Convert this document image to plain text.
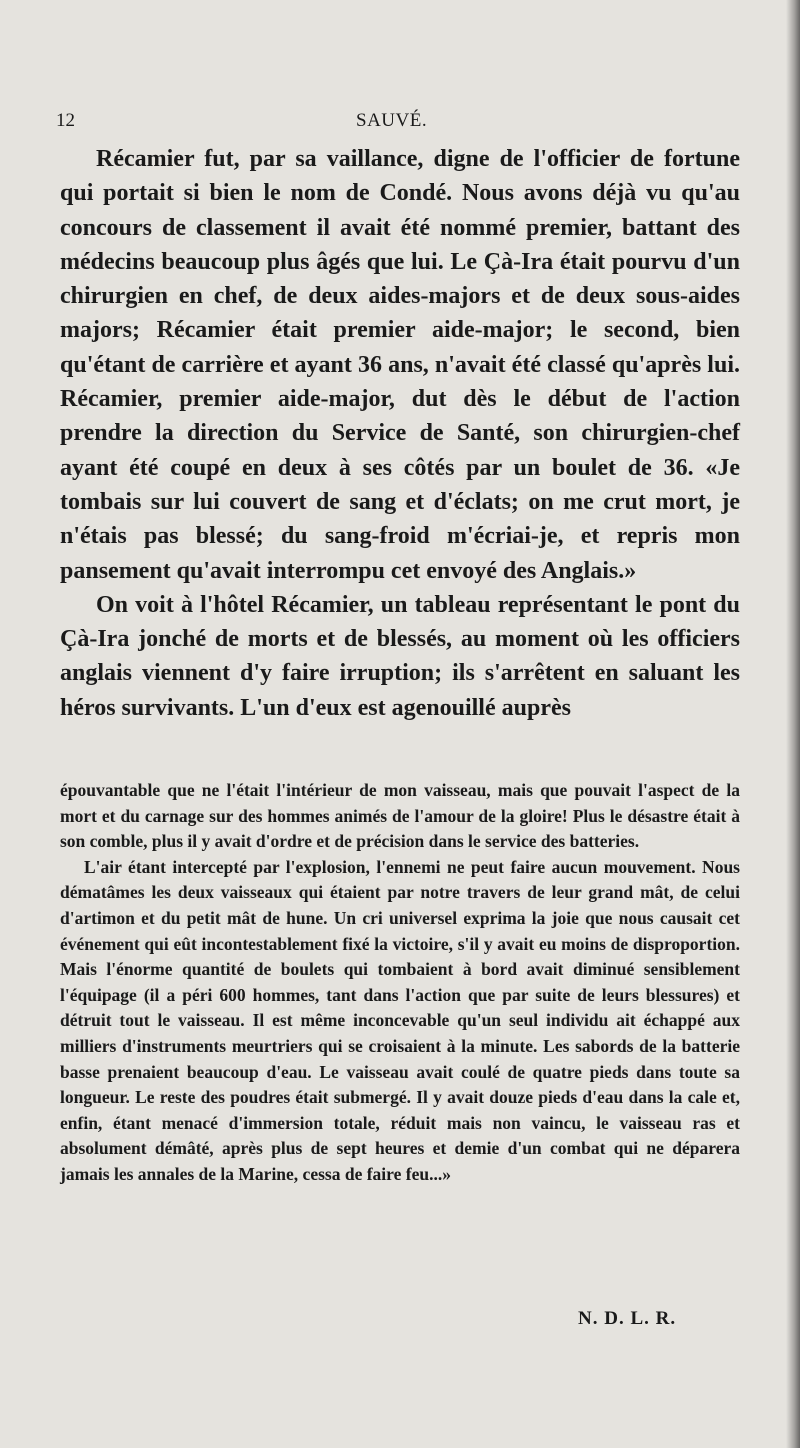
12	SAUVÉ.

Récamier fut, par sa vaillance, digne de l'officier de fortune qui portait si bien le nom de Condé. Nous avons déjà vu qu'au concours de classement il avait été nommé premier, battant des médecins beaucoup plus âgés que lui. Le Çà-Ira était pourvu d'un chirurgien en chef, de deux aides-majors et de deux sous-aides majors; Récamier était premier aide-major; le second, bien qu'étant de carrière et ayant 36 ans, n'avait été classé qu'après lui. Récamier, premier aide-major, dut dès le début de l'action prendre la direction du Service de Santé, son chirurgien-chef ayant été coupé en deux à ses côtés par un boulet de 36. «Je tombais sur lui couvert de sang et d'éclats; on me crut mort, je n'étais pas blessé; du sang-froid m'écriai-je, et repris mon pansement qu'avait interrompu cet envoyé des Anglais.»

On voit à l'hôtel Récamier, un tableau représentant le pont du Çà-Ira jonché de morts et de blessés, au moment où les officiers anglais viennent d'y faire irruption; ils s'arrêtent en saluant les héros survivants. L'un d'eux est agenouillé auprès

épouvantable que ne l'était l'intérieur de mon vaisseau, mais que pouvait l'aspect de la mort et du carnage sur des hommes animés de l'amour de la gloire! Plus le désastre était à son comble, plus il y avait d'ordre et de précision dans le service des batteries.

L'air étant intercepté par l'explosion, l'ennemi ne peut faire aucun mouvement. Nous dématâmes les deux vaisseaux qui étaient par notre travers de leur grand mât, de celui d'artimon et du petit mât de hune. Un cri universel exprima la joie que nous causait cet événement qui eût incontestablement fixé la victoire, s'il y avait eu moins de disproportion. Mais l'énorme quantité de boulets qui tombaient à bord avait diminué sensiblement l'équipage (il a péri 600 hommes, tant dans l'action que par suite de leurs blessures) et détruit tout le vaisseau. Il est même inconcevable qu'un seul individu ait échappé aux milliers d'instruments meurtriers qui se croisaient à la minute. Les sabords de la batterie basse prenaient beaucoup d'eau. Le vaisseau avait coulé de quatre pieds dans toute sa longueur. Le reste des poudres était submergé. Il y avait douze pieds d'eau dans la cale et, enfin, étant menacé d'immersion totale, réduit mais non vaincu, le vaisseau ras et absolument démâté, après plus de sept heures et demie d'un combat qui ne déparera jamais les annales de la Marine, cessa de faire feu...»

N. D. L. R.
